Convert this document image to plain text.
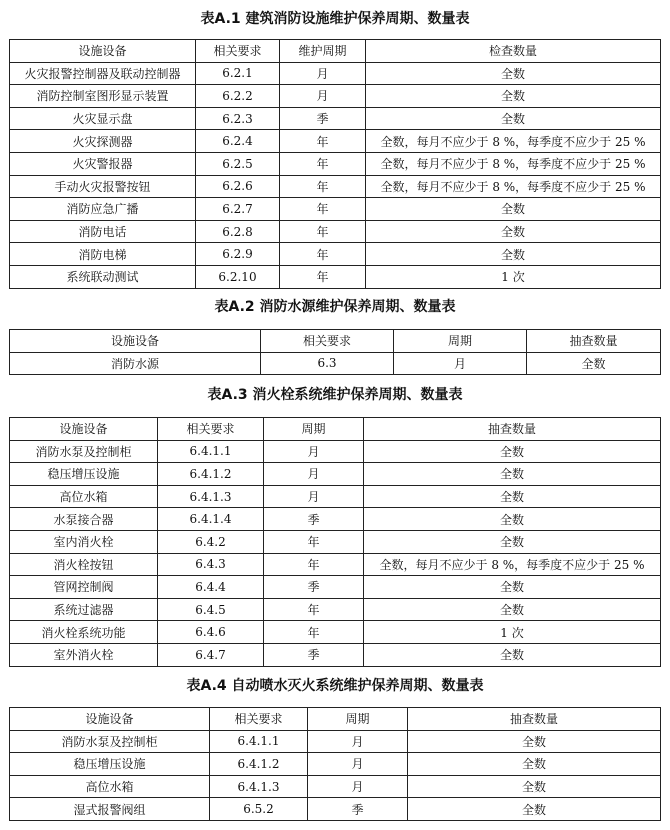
表A.1 建筑消防设施维护保养周期、数量表
设施设备	相关要求	维护周期	检查数量
火灾报警控制器及联动控制器	6.2.1	月	全数
消防控制室图形显示装置	6.2.2	月	全数
火灾显示盘	6.2.3	季	全数
火灾探测器	6.2.4	年	全数，每月不应少于 8 %，每季度不应少于 25 %
火灾警报器	6.2.5	年	全数，每月不应少于 8 %，每季度不应少于 25 %
手动火灾报警按钮	6.2.6	年	全数，每月不应少于 8 %，每季度不应少于 25 %
消防应急广播	6.2.7	年	全数
消防电话	6.2.8	年	全数
消防电梯	6.2.9	年	全数
系统联动测试	6.2.10	年	1 次
表A.2 消防水源维护保养周期、数量表
设施设备	相关要求	周期	抽查数量
消防水源	6.3	月	全数
表A.3 消火栓系统维护保养周期、数量表
设施设备	相关要求	周期	抽查数量
消防水泵及控制柜	6.4.1.1	月	全数
稳压增压设施	6.4.1.2	月	全数
高位水箱	6.4.1.3	月	全数
水泵接合器	6.4.1.4	季	全数
室内消火栓	6.4.2	年	全数
消火栓按钮	6.4.3	年	全数，每月不应少于 8 %，每季度不应少于 25 %
管网控制阀	6.4.4	季	全数
系统过滤器	6.4.5	年	全数
消火栓系统功能	6.4.6	年	1 次
室外消火栓	6.4.7	季	全数
表A.4 自动喷水灭火系统维护保养周期、数量表
设施设备	相关要求	周期	抽查数量
消防水泵及控制柜	6.4.1.1	月	全数
稳压增压设施	6.4.1.2	月	全数
高位水箱	6.4.1.3	月	全数
湿式报警阀组	6.5.2	季	全数
